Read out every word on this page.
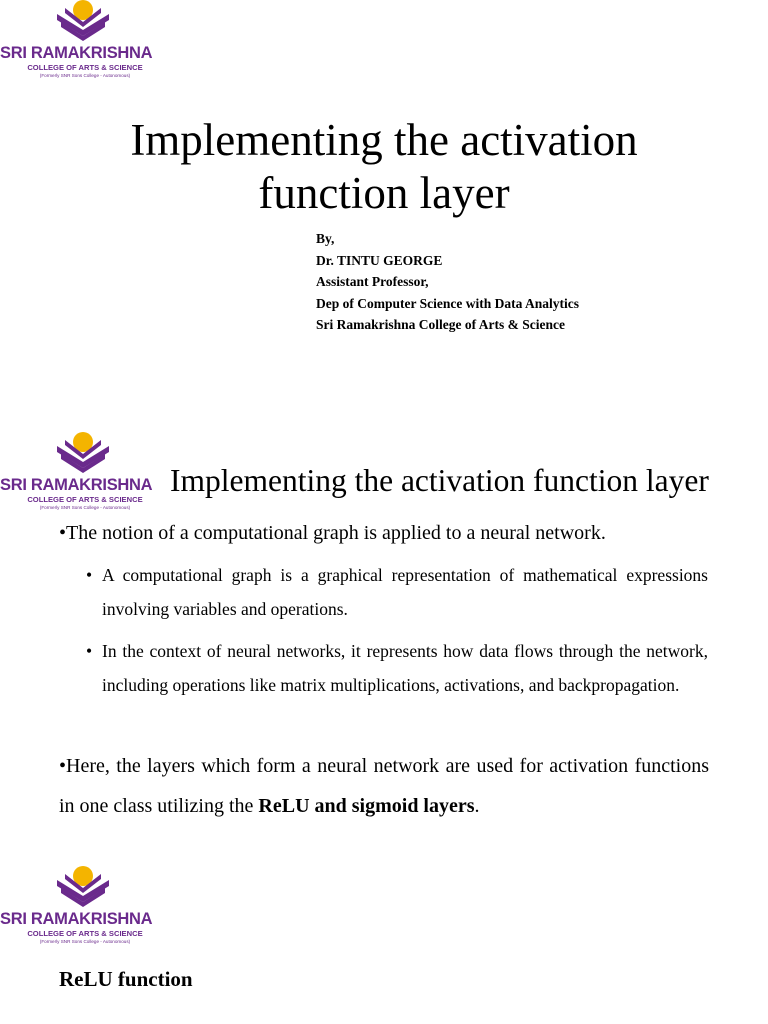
SRI RAMAKRISHNA
COLLEGE OF ARTS & SCIENCE
(Formerly SNR Sons College - Autonomous)
Implementing the activation function layer
By,
Dr. TINTU GEORGE
Assistant Professor,
Dep of Computer Science with Data Analytics
Sri Ramakrishna College of Arts & Science
SRI RAMAKRISHNA
COLLEGE OF ARTS & SCIENCE
(Formerly SNR Sons College - Autonomous)
Implementing the activation function layer
•The notion of a computational graph is applied to a neural network.
• A computational graph is a graphical representation of mathematical expressions involving variables and operations.
• In the context of neural networks, it represents how data flows through the network, including operations like matrix multiplications, activations, and backpropagation.
•Here, the layers which form a neural network are used for activation functions in one class utilizing the ReLU and sigmoid layers.
SRI RAMAKRISHNA
COLLEGE OF ARTS & SCIENCE
(Formerly SNR Sons College - Autonomous)
ReLU function
